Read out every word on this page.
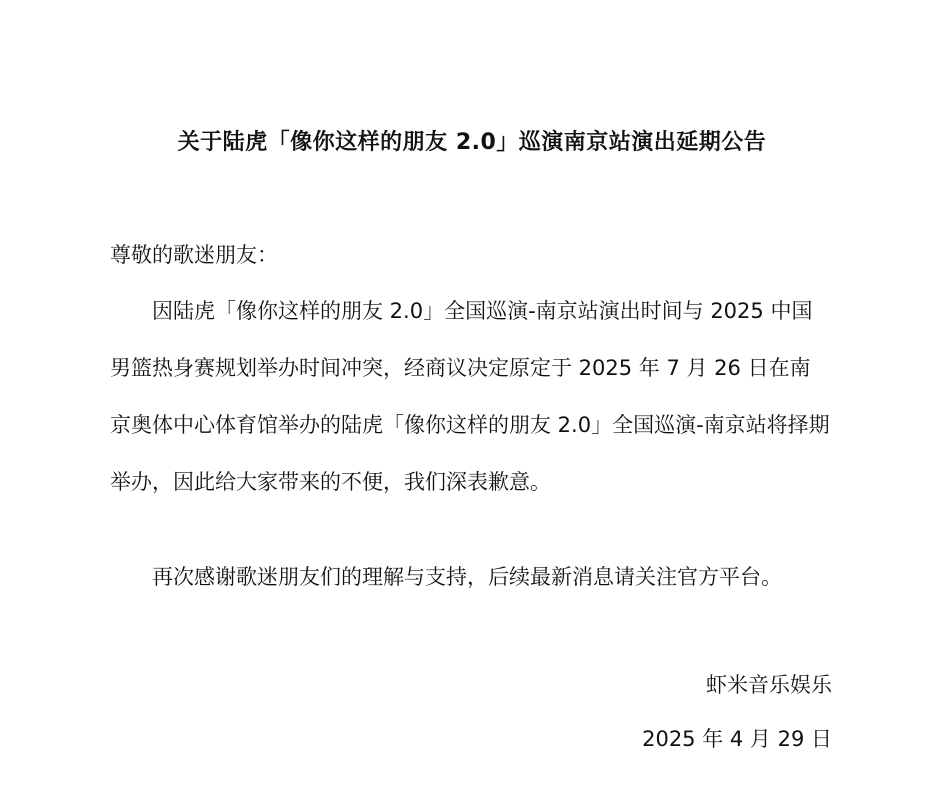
关于陆虎「像你这样的朋友 2.0」巡演南京站演出延期公告
尊敬的歌迷朋友：

因陆虎「像你这样的朋友 2.0」全国巡演-南京站演出时间与 2025 中国男篮热身赛规划举办时间冲突，经商议决定原定于 2025 年 7 月 26 日在南京奥体中心体育馆举办的陆虎「像你这样的朋友 2.0」全国巡演-南京站将择期举办，因此给大家带来的不便，我们深表歉意。

再次感谢歌迷朋友们的理解与支持，后续最新消息请关注官方平台。

虾米音乐娱乐
2025 年 4 月 29 日
